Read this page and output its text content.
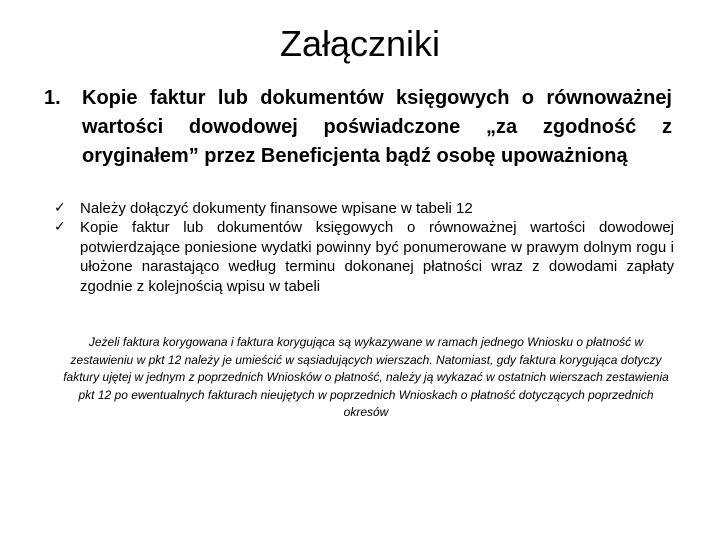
Załączniki
1.	Kopie faktur lub dokumentów księgowych o równoważnej wartości dowodowej poświadczone „za zgodność z oryginałem” przez Beneficjenta bądź osobę upoważnioną
✓ Należy dołączyć dokumenty finansowe wpisane w tabeli 12
✓ Kopie faktur lub dokumentów księgowych o równoważnej wartości dowodowej potwierdzające poniesione wydatki powinny być ponumerowane w prawym dolnym rogu i ułożone narastająco według terminu dokonanej płatności wraz z dowodami zapłaty zgodnie z kolejnością wpisu w tabeli
Jeżeli faktura korygowana i faktura korygująca są wykazywane w ramach jednego Wniosku o płatność w zestawieniu w pkt 12 należy je umieścić w sąsiadujących wierszach. Natomiast, gdy faktura korygująca dotyczy faktury ujętej w jednym z poprzednich Wniosków o płatność, należy ją wykazać w ostatnich wierszach zestawienia pkt 12 po ewentualnych fakturach nieujętych w poprzednich Wnioskach o płatność dotyczących poprzednich okresów
